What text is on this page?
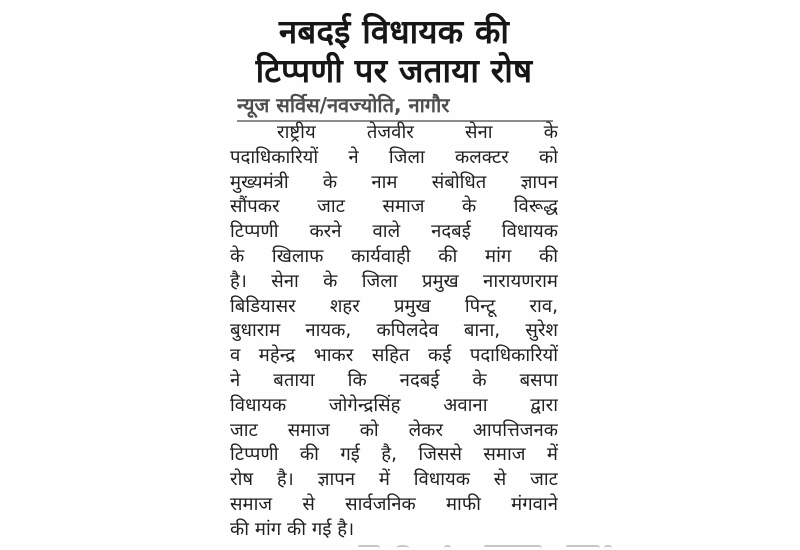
नबदई विधायक की
टिप्पणी पर जताया रोष
न्यूज सर्विस/नवज्योति, नागौर
राष्ट्रीय तेजवीर सेना के
पदाधिकारियों ने जिला कलक्टर को
मुख्यमंत्री के नाम संबोधित ज्ञापन
सौंपकर जाट समाज के विरूद्ध
टिप्पणी करने वाले नदबई विधायक
के खिलाफ कार्यवाही की मांग की
है। सेना के जिला प्रमुख नारायणराम
बिडियासर शहर प्रमुख पिन्टू राव,
बुधाराम नायक, कपिलदेव बाना, सुरेश
व महेन्द्र भाकर सहित कई पदाधिकारियों
ने बताया कि नदबई के बसपा
विधायक जोगेन्द्रसिंह अवाना द्वारा
जाट समाज को लेकर आपत्तिजनक
टिप्पणी की गई है, जिससे समाज में
रोष है। ज्ञापन में विधायक से जाट
समाज से सार्वजनिक माफी मंगवाने
की मांग की गई है।
